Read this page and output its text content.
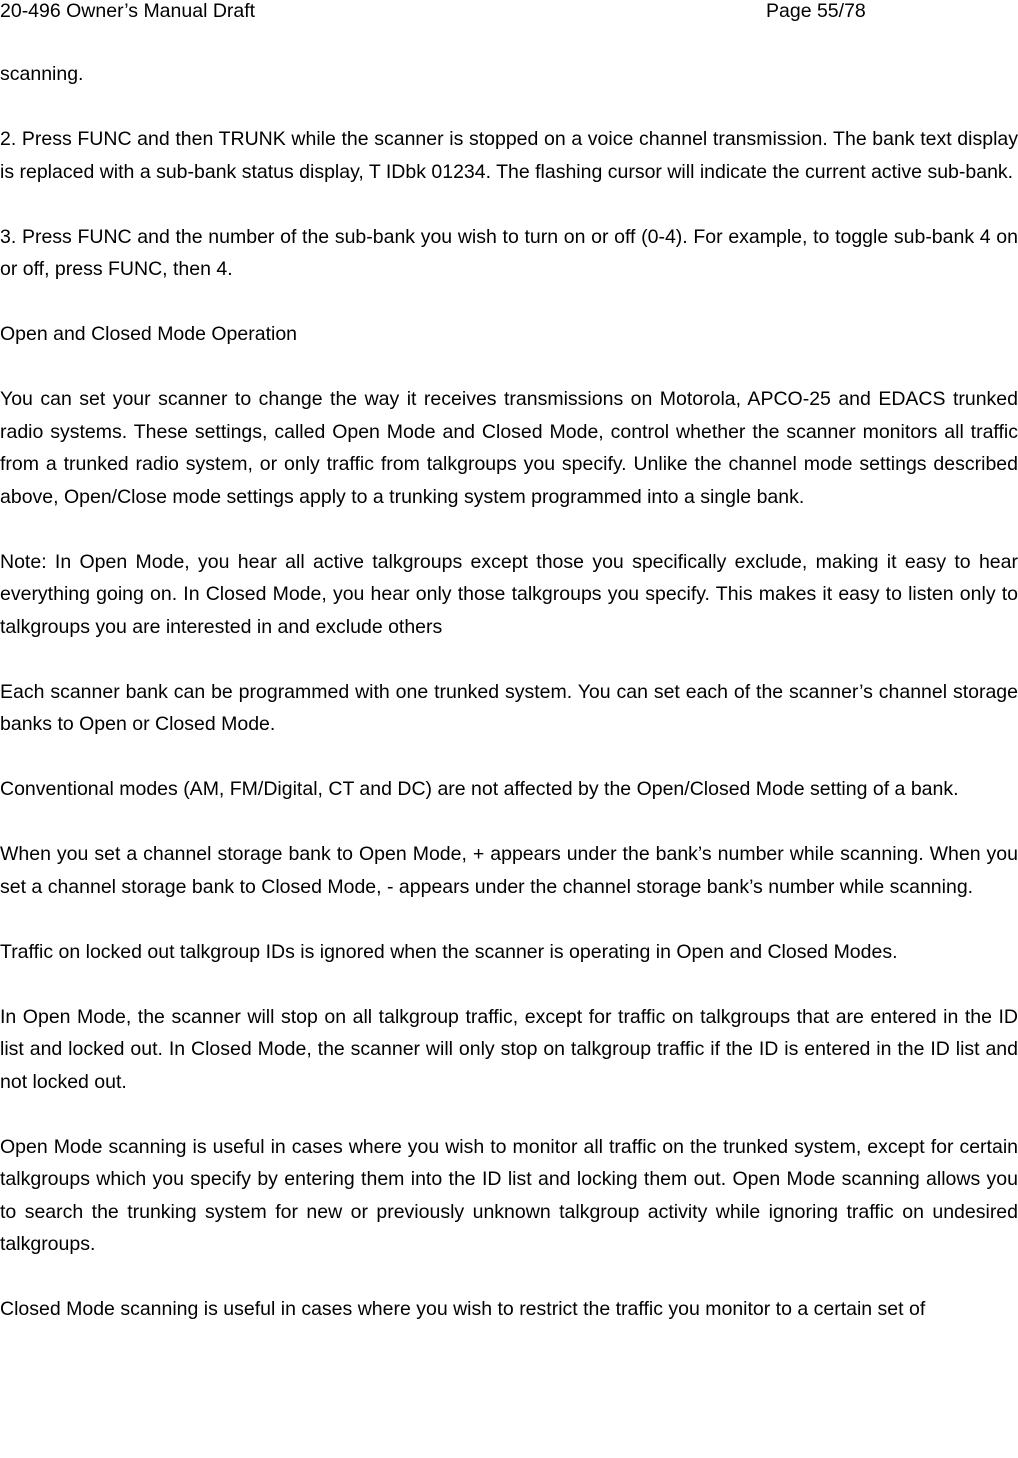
20-496 Owner’s Manual Draft	Page 55/78

scanning.

2. Press FUNC and then TRUNK while the scanner is stopped on a voice channel transmission. The bank text display is replaced with a sub-bank status display, T IDbk 01234. The flashing cursor will indicate the current active sub-bank.

3. Press FUNC and the number of the sub-bank you wish to turn on or off (0-4). For example, to toggle sub-bank 4 on or off, press FUNC, then 4.

Open and Closed Mode Operation

You can set your scanner to change the way it receives transmissions on Motorola, APCO-25 and EDACS trunked radio systems. These settings, called Open Mode and Closed Mode, control whether the scanner monitors all traffic from a trunked radio system, or only traffic from talkgroups you specify. Unlike the channel mode settings described above, Open/Close mode settings apply to a trunking system programmed into a single bank.

Note: In Open Mode, you hear all active talkgroups except those you specifically exclude, making it easy to hear everything going on. In Closed Mode, you hear only those talkgroups you specify. This makes it easy to listen only to talkgroups you are interested in and exclude others

Each scanner bank can be programmed with one trunked system. You can set each of the scanner’s channel storage banks to Open or Closed Mode.

Conventional modes (AM, FM/Digital, CT and DC) are not affected by the Open/Closed Mode setting of a bank.

When you set a channel storage bank to Open Mode, + appears under the bank’s number while scanning. When you set a channel storage bank to Closed Mode, - appears under the channel storage bank’s number while scanning.

Traffic on locked out talkgroup IDs is ignored when the scanner is operating in Open and Closed Modes.

In Open Mode, the scanner will stop on all talkgroup traffic, except for traffic on talkgroups that are entered in the ID list and locked out. In Closed Mode, the scanner will only stop on talkgroup traffic if the ID is entered in the ID list and not locked out.

Open Mode scanning is useful in cases where you wish to monitor all traffic on the trunked system, except for certain talkgroups which you specify by entering them into the ID list and locking them out. Open Mode scanning allows you to search the trunking system for new or previously unknown talkgroup activity while ignoring traffic on undesired talkgroups.

Closed Mode scanning is useful in cases where you wish to restrict the traffic you monitor to a certain set of
